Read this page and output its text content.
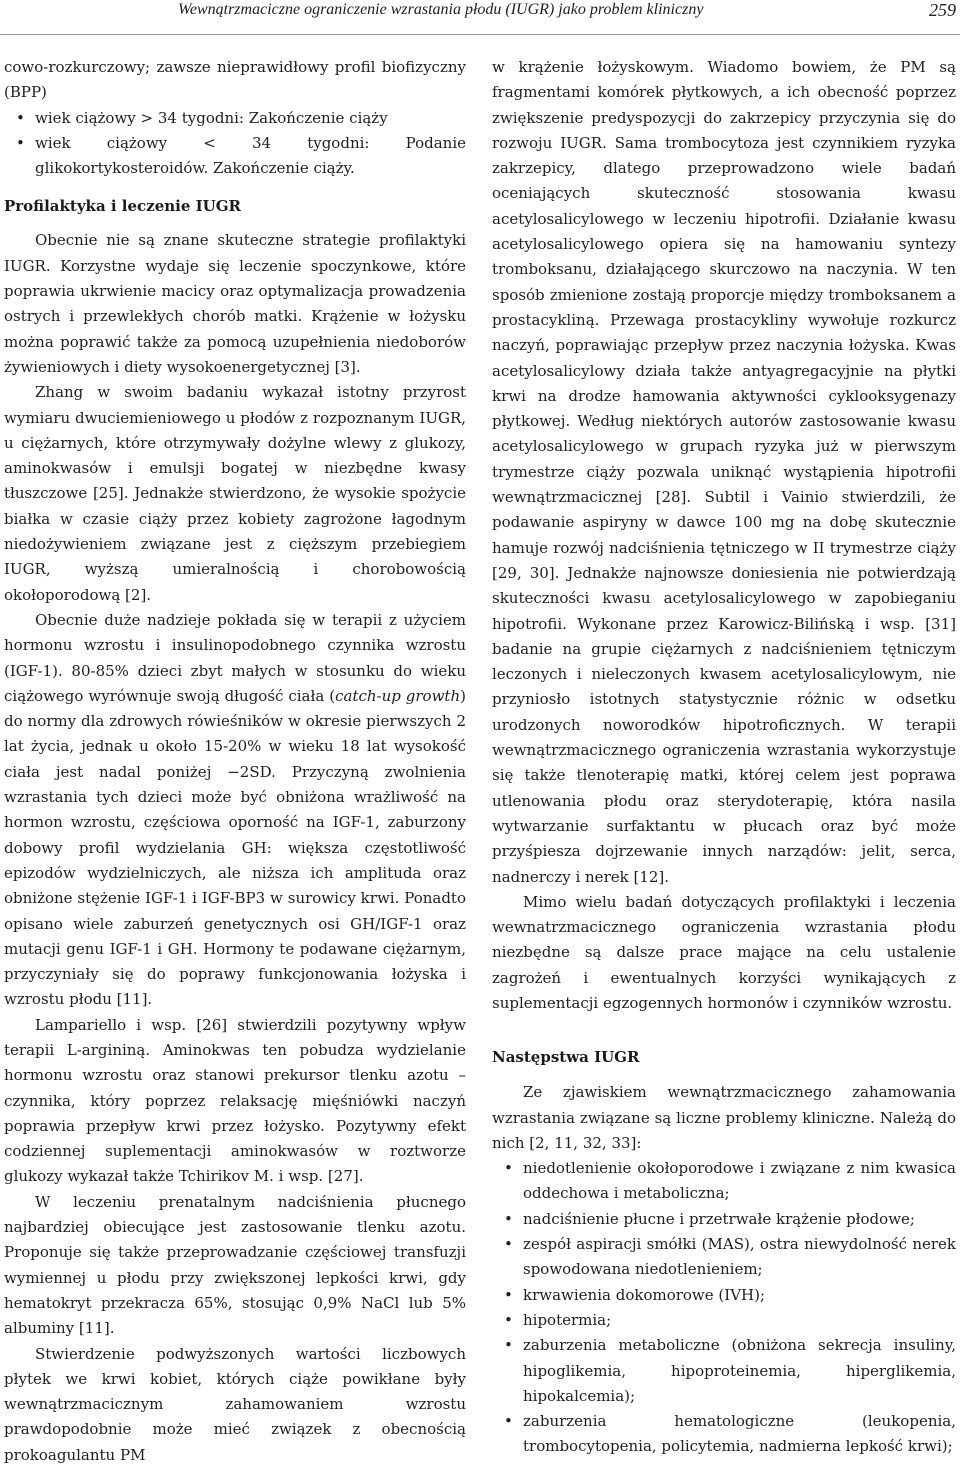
Wewnątrzmaciczne ograniczenie wzrastania płodu (IUGR) jako problem kliniczny	259

cowo-rozkurczowy; zawsze nieprawidłowy profil biofizyczny (BPP)

• wiek ciążowy > 34 tygodni: Zakończenie ciąży
• wiek ciążowy < 34 tygodni: Podanie glikokortykosteroidów. Zakończenie ciąży.
Profilaktyka i leczenie IUGR

Obecnie nie są znane skuteczne strategie profilaktyki IUGR. Korzystne wydaje się leczenie spoczynkowe, które poprawia ukrwienie macicy oraz optymalizacja prowadzenia ostrych i przewlekłych chorób matki. Krążenie w łożysku można poprawić także za pomocą uzupełnienia niedoborów żywieniowych i diety wysokoenergetycznej [3].

Zhang w swoim badaniu wykazał istotny przyrost wymiaru dwuciemieniowego u płodów z rozpoznanym IUGR, u ciężarnych, które otrzymywały dożylne wlewy z glukozy, aminokwasów i emulsji bogatej w niezbędne kwasy tłuszczowe [25]. Jednakże stwierdzono, że wysokie spożycie białka w czasie ciąży przez kobiety zagrożone łagodnym niedożywieniem związane jest z cięższym przebiegiem IUGR, wyższą umieralnością i chorobowością okołoporodową [2].

Obecnie duże nadzieje pokłada się w terapii z użyciem hormonu wzrostu i insulinopodobnego czynnika wzrostu (IGF-1). 80-85% dzieci zbyt małych w stosunku do wieku ciążowego wyrównuje swoją długość ciała (catch-up growth) do normy dla zdrowych rówieśników w okresie pierwszych 2 lat życia, jednak u około 15-20% w wieku 18 lat wysokość ciała jest nadal poniżej −2SD. Przyczyną zwolnienia wzrastania tych dzieci może być obniżona wrażliwość na hormon wzrostu, częściowa oporność na IGF-1, zaburzony dobowy profil wydzielania GH: większa częstotliwość epizodów wydzielniczych, ale niższa ich amplituda oraz obniżone stężenie IGF-1 i IGF-BP3 w surowicy krwi. Ponadto opisano wiele zaburzeń genetycznych osi GH/IGF-1 oraz mutacji genu IGF-1 i GH. Hormony te podawane ciężarnym, przyczyniały się do poprawy funkcjonowania łożyska i wzrostu płodu [11].

Lampariello i wsp. [26] stwierdzili pozytywny wpływ terapii L-argininą. Aminokwas ten pobudza wydzielanie hormonu wzrostu oraz stanowi prekursor tlenku azotu – czynnika, który poprzez relaksację mięśniówki naczyń poprawia przepływ krwi przez łożysko. Pozytywny efekt codziennej suplementacji aminokwasów w roztworze glukozy wykazał także Tchirikov M. i wsp. [27].

W leczeniu prenatalnym nadciśnienia płucnego najbardziej obiecujące jest zastosowanie tlenku azotu. Proponuje się także przeprowadzanie częściowej transfuzji wymiennej u płodu przy zwiększonej lepkości krwi, gdy hematokryt przekracza 65%, stosując 0,9% NaCl lub 5% albuminy [11].

Stwierdzenie podwyższonych wartości liczbowych płytek we krwi kobiet, których ciąże powikłane były wewnątrzmacicznym zahamowaniem wzrostu prawdopodobnie może mieć związek z obecnością prokoagulantu PM

w krążenie łożyskowym. Wiadomo bowiem, że PM są fragmentami komórek płytkowych, a ich obecność poprzez zwiększenie predyspozycji do zakrzepicy przyczynia się do rozwoju IUGR. Sama trombocytoza jest czynnikiem ryzyka zakrzepicy, dlatego przeprowadzono wiele badań oceniających skuteczność stosowania kwasu acetylosalicylowego w leczeniu hipotrofii. Działanie kwasu acetylosalicylowego opiera się na hamowaniu syntezy tromboksanu, działającego skurczowo na naczynia. W ten sposób zmienione zostają proporcje między tromboksanem a prostacykliną. Przewaga prostacykliny wywołuje rozkurcz naczyń, poprawiając przepływ przez naczynia łożyska. Kwas acetylosalicylowy działa także antyagregacyjnie na płytki krwi na drodze hamowania aktywności cyklooksygenazy płytkowej. Według niektórych autorów zastosowanie kwasu acetylosalicylowego w grupach ryzyka już w pierwszym trymestrze ciąży pozwala uniknąć wystąpienia hipotrofii wewnątrzmacicznej [28]. Subtil i Vainio stwierdzili, że podawanie aspiryny w dawce 100 mg na dobę skutecznie hamuje rozwój nadciśnienia tętniczego w II trymestrze ciąży [29, 30]. Jednakże najnowsze doniesienia nie potwierdzają skuteczności kwasu acetylosalicylowego w zapobieganiu hipotrofii. Wykonane przez Karowicz-Bilińską i wsp. [31] badanie na grupie ciężarnych z nadciśnieniem tętniczym leczonych i nieleczonych kwasem acetylosalicylowym, nie przyniosło istotnych statystycznie różnic w odsetku urodzonych noworodków hipotroficznych. W terapii wewnątrzmacicznego ograniczenia wzrastania wykorzystuje się także tlenoterapię matki, której celem jest poprawa utlenowania płodu oraz sterydoterapię, która nasila wytwarzanie surfaktantu w płucach oraz być może przyśpiesza dojrzewanie innych narządów: jelit, serca, nadnerczy i nerek [12].

Mimo wielu badań dotyczących profilaktyki i leczenia wewnatrzmacicznego ograniczenia wzrastania płodu niezbędne są dalsze prace mające na celu ustalenie zagrożeń i ewentualnych korzyści wynikających z suplementacji egzogennych hormonów i czynników wzrostu.

Następstwa IUGR

Ze zjawiskiem wewnątrzmacicznego zahamowania wzrastania związane są liczne problemy kliniczne. Należą do nich [2, 11, 32, 33]:

• niedotlenienie okołoporodowe i związane z nim kwasica oddechowa i metaboliczna;
• nadciśnienie płucne i przetrwałe krążenie płodowe;
• zespół aspiracji smółki (MAS), ostra niewydolność nerek spowodowana niedotlenieniem;
• krwawienia dokomorowe (IVH);
• hipotermia;
• zaburzenia metaboliczne (obniżona sekrecja insuliny, hipoglikemia, hipoproteinemia, hiperglikemia, hipokalcemia);
• zaburzenia hematologiczne (leukopenia, trombocytopenia, policytemia, nadmierna lepkość krwi);
